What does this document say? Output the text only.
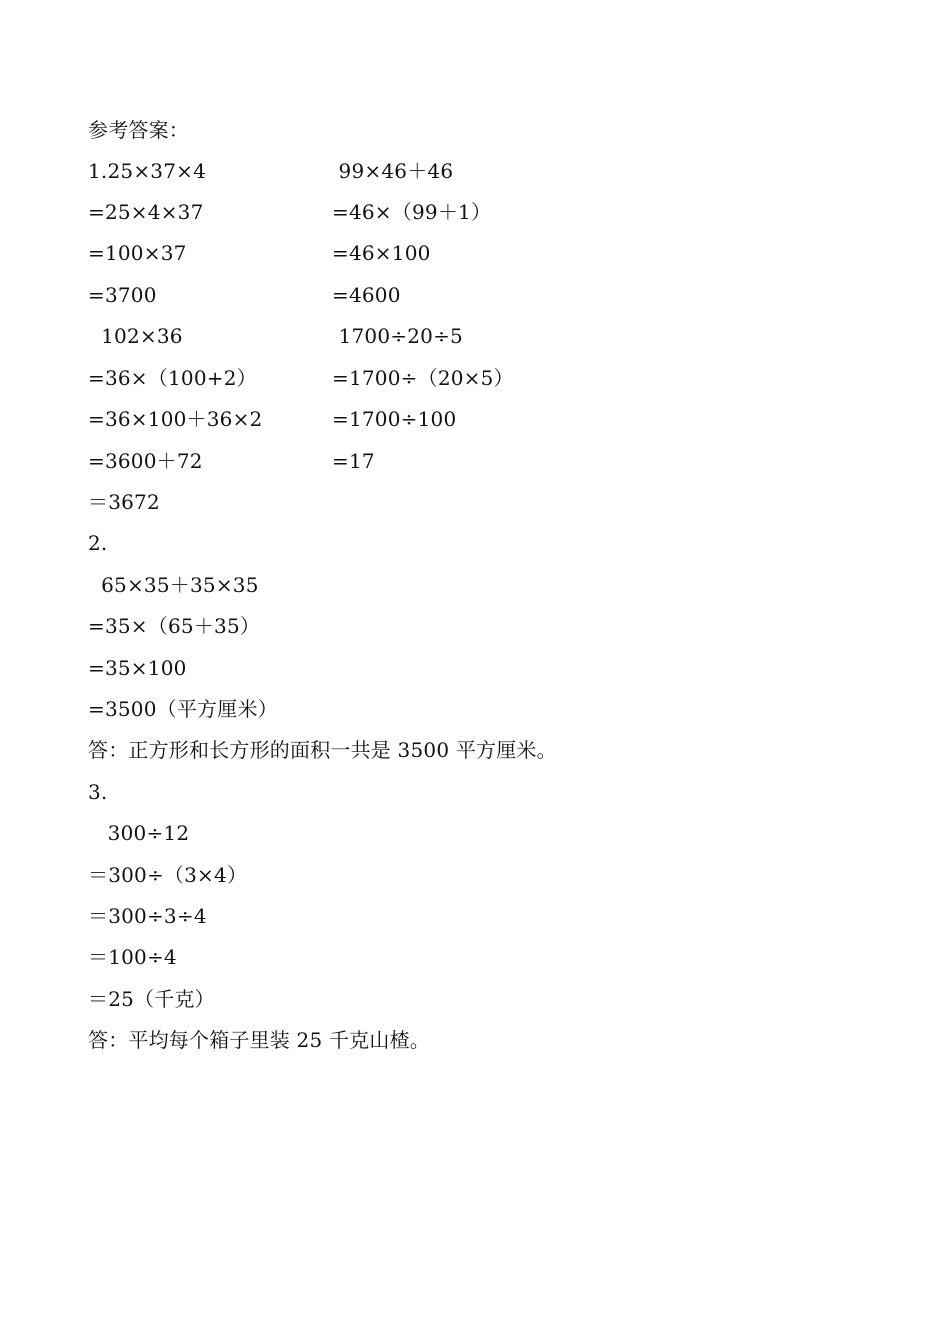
参考答案：
1.25×37×4
=25×4×37
=100×37
=3700
99×46＋46
=46×（99＋1）
=46×100
=4600
102×36
=36×（100+2）
=36×100＋36×2
=3600＋72
＝3672
1700÷20÷5
=1700÷（20×5）
=1700÷100
=17
2.
65×35＋35×35
=35×（65＋35）
=35×100
=3500（平方厘米）
答：正方形和长方形的面积一共是 3500 平方厘米。
3.
300÷12
＝300÷（3×4）
＝300÷3÷4
＝100÷4
＝25（千克）
答：平均每个箱子里装 25 千克山楂。
